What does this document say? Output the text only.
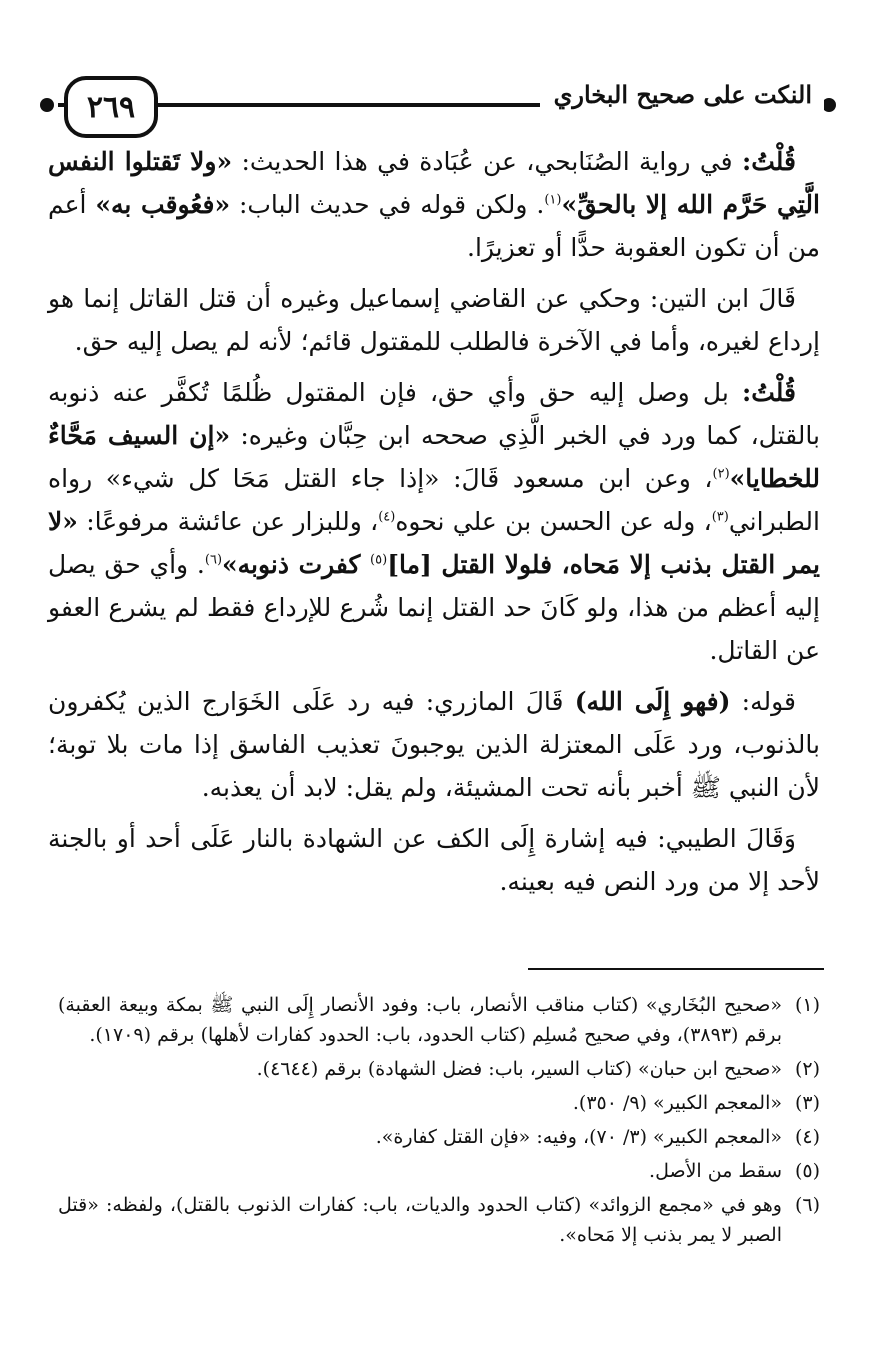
٢٦٩	النكت على صحيح البخاري

قُلْتُ: في رواية الصُنَابحي، عن عُبَادة في هذا الحديث: «ولا تَقتلوا النفس الَّتِي حَرَّم الله إلا بالحقِّ»$^{(١)}$. ولكن قوله في حديث الباب: «فعُوقب به» أعم من أن تكون العقوبة حدًّا أو تعزيرًا.

قَالَ ابن التين: وحكي عن القاضي إسماعيل وغيره أن قتل القاتل إنما هو إرداع لغيره، وأما في الآخرة فالطلب للمقتول قائم؛ لأنه لم يصل إليه حق.

قُلْتُ: بل وصل إليه حق وأي حق، فإن المقتول ظُلمًا تُكفَّر عنه ذنوبه بالقتل، كما ورد في الخبر الَّذِي صححه ابن حِبَّان وغيره: «إن السيف مَحَّاءٌ للخطايا»$^{(٢)}$، وعن ابن مسعود قَالَ: «إذا جاء القتل مَحَا كل شيء» رواه الطبراني$^{(٣)}$، وله عن الحسن بن علي نحوه$^{(٤)}$، وللبزار عن عائشة مرفوعًا: «لا يمر القتل بذنب إلا مَحاه، فلولا القتل [ما]$^{(٥)}$ كفرت ذنوبه»$^{(٦)}$. وأي حق يصل إليه أعظم من هذا، ولو كَانَ حد القتل إنما شُرع للإرداع فقط لم يشرع العفو عن القاتل.

قوله: (فهو إِلَى الله) قَالَ المازري: فيه رد عَلَى الخَوَارج الذين يُكفرون بالذنوب، ورد عَلَى المعتزلة الذين يوجبونَ تعذيب الفاسق إذا مات بلا توبة؛ لأن النبي ﷺ أخبر بأنه تحت المشيئة، ولم يقل: لابد أن يعذبه.

وَقَالَ الطيبي: فيه إشارة إِلَى الكف عن الشهادة بالنار عَلَى أحد أو بالجنة لأحد إلا من ورد النص فيه بعينه.

(١)
«صحيح البُخَاري» (كتاب مناقب الأنصار، باب: وفود الأنصار إِلَى النبي ﷺ بمكة وبيعة العقبة) برقم (٣٨٩٣)، وفي صحيح مُسلِم (كتاب الحدود، باب: الحدود كفارات لأهلها) برقم (١٧٠٩).
(٢)
«صحيح ابن حبان» (كتاب السير، باب: فضل الشهادة) برقم (٤٦٤٤).
(٣)
«المعجم الكبير» (٩/ ٣٥٠).
(٤)
«المعجم الكبير» (٣/ ٧٠)، وفيه: «فإن القتل كفارة».
(٥)
سقط من الأصل.
(٦)
وهو في «مجمع الزوائد» (كتاب الحدود والديات، باب: كفارات الذنوب بالقتل)، ولفظه: «قتل الصبر لا يمر بذنب إلا مَحاه».
